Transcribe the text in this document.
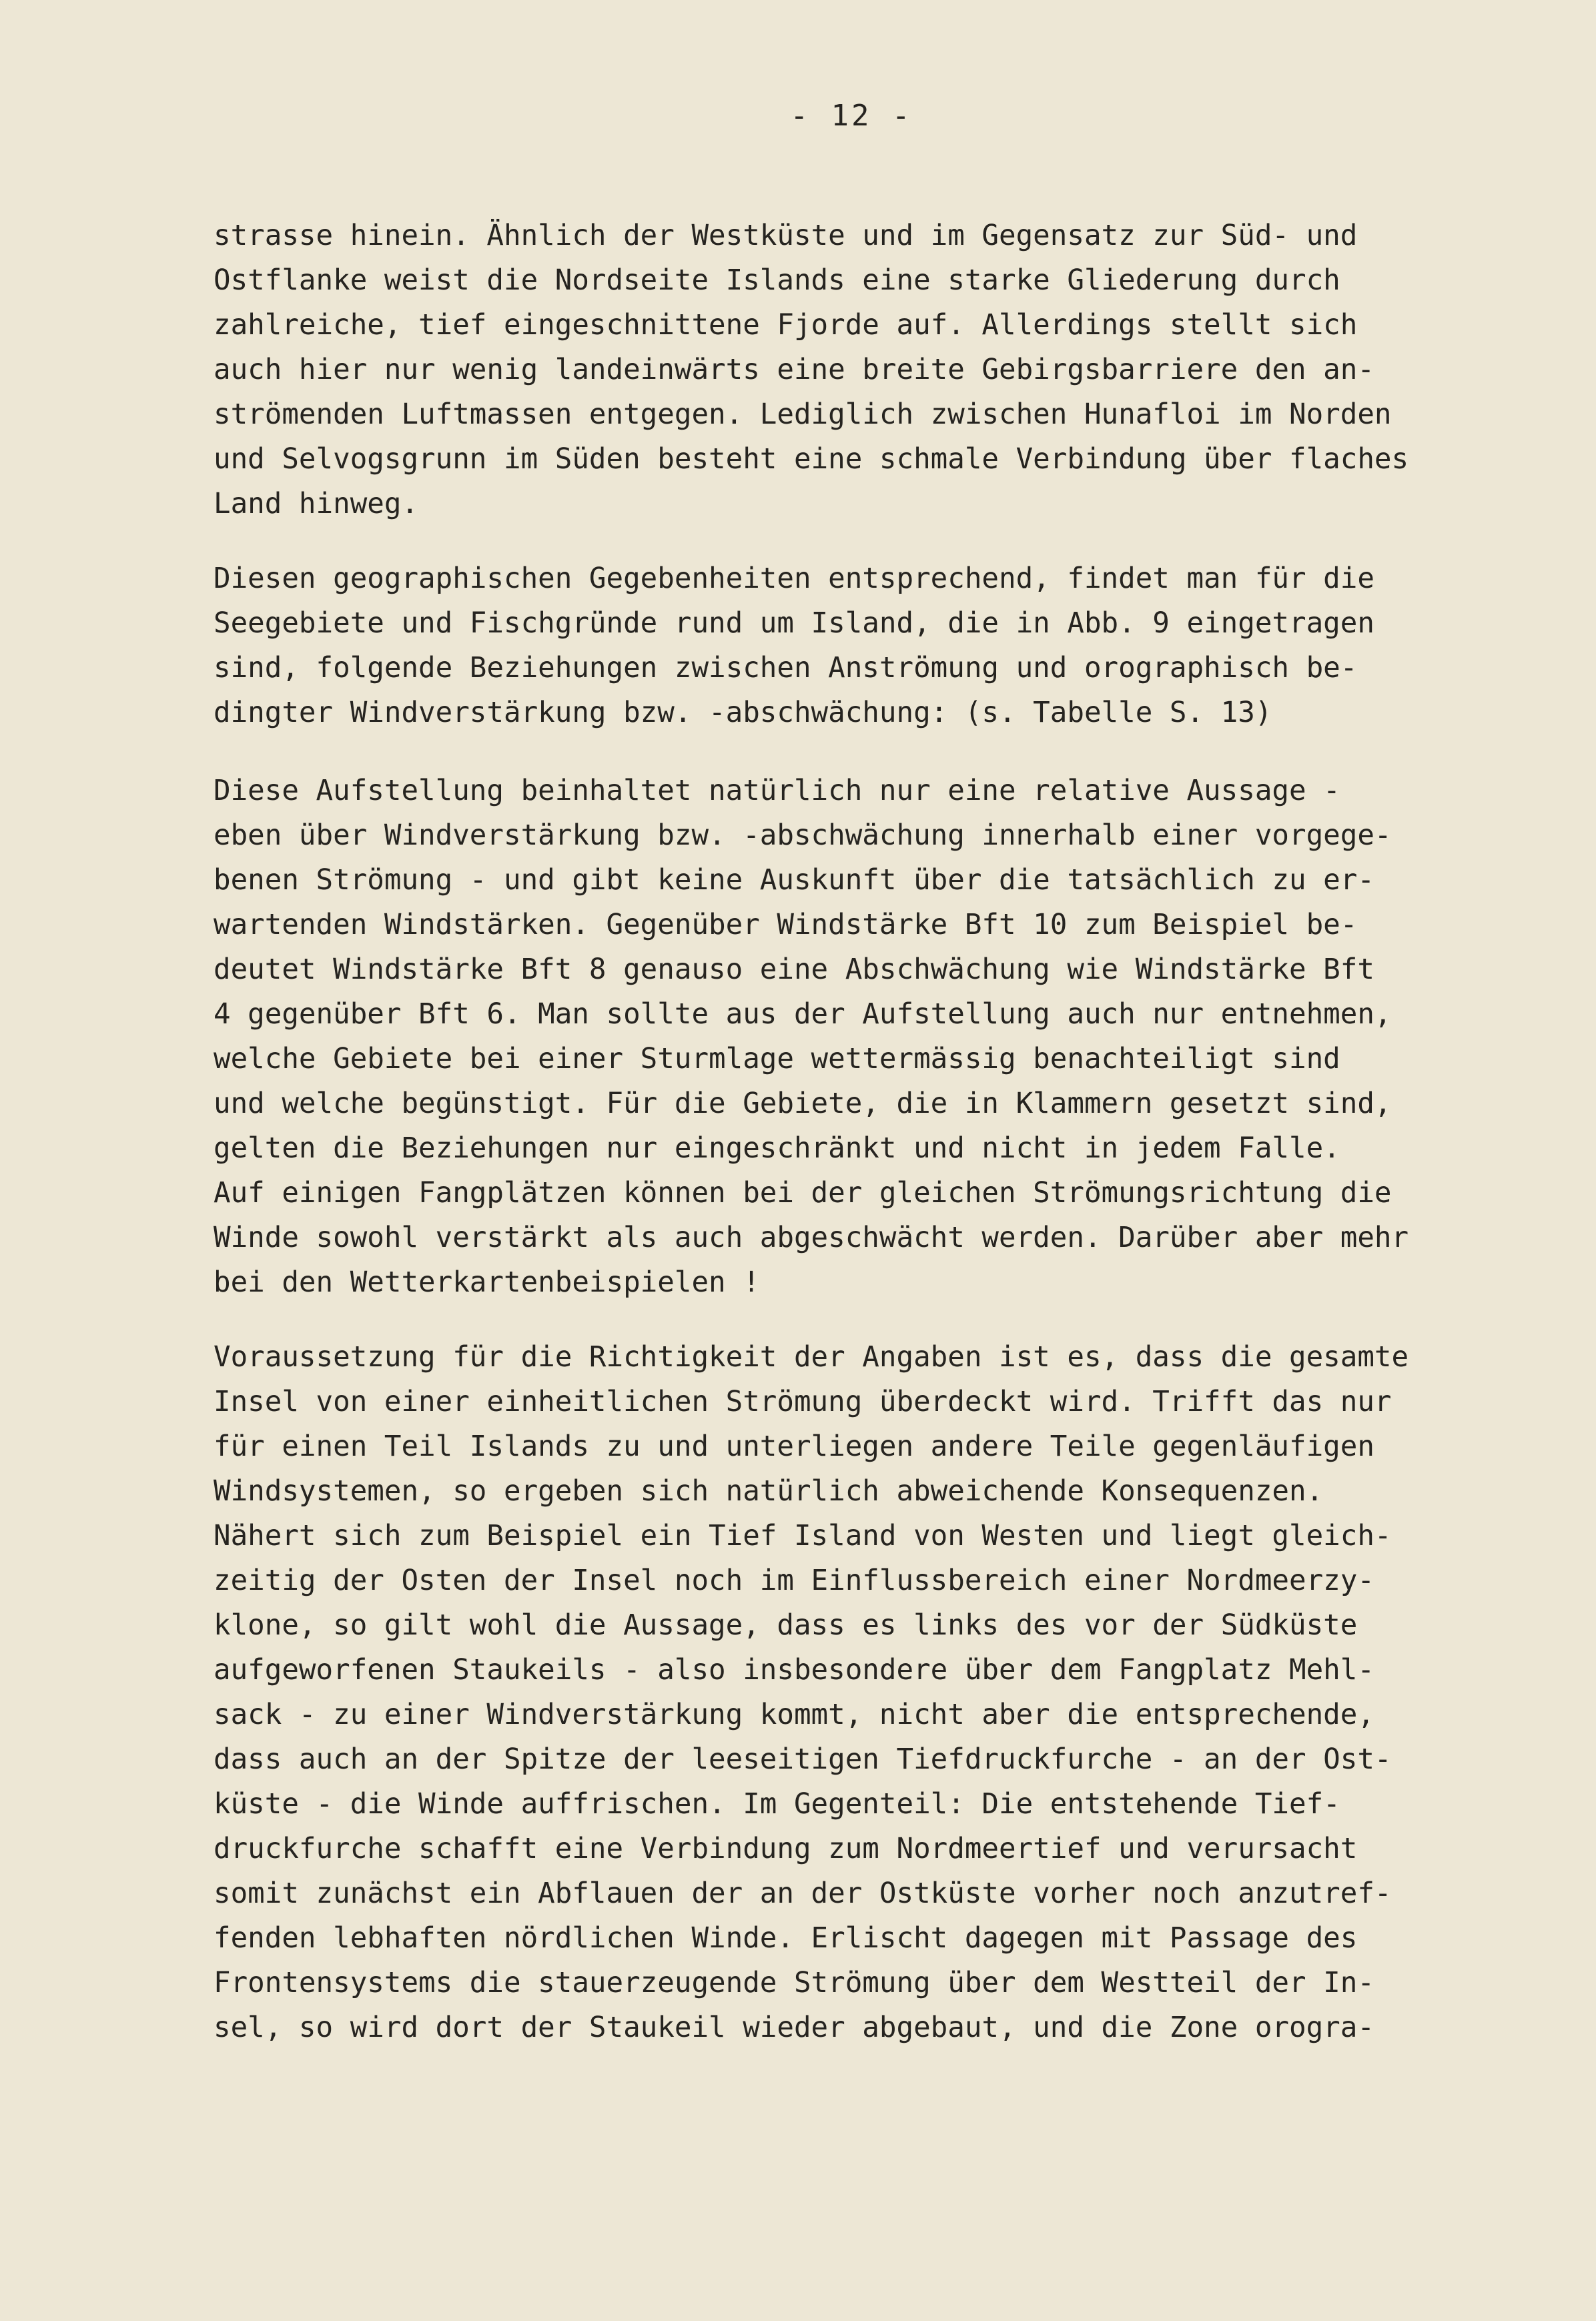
- 12 -
strasse hinein. Ähnlich der Westküste und im Gegensatz zur Süd- und
Ostflanke weist die Nordseite Islands eine starke Gliederung durch
zahlreiche, tief eingeschnittene Fjorde auf. Allerdings stellt sich
auch hier nur wenig landeinwärts eine breite Gebirgsbarriere den an-
strömenden Luftmassen entgegen. Lediglich zwischen Hunafloi im Norden
und Selvogsgrunn im Süden besteht eine schmale Verbindung über flaches
Land hinweg.
Diesen geographischen Gegebenheiten entsprechend, findet man für die
Seegebiete und Fischgründe rund um Island, die in Abb. 9 eingetragen
sind, folgende Beziehungen zwischen Anströmung und orographisch be-
dingter Windverstärkung bzw. -abschwächung: (s. Tabelle S. 13)
Diese Aufstellung beinhaltet natürlich nur eine relative Aussage -
eben über Windverstärkung bzw. -abschwächung innerhalb einer vorgege-
benen Strömung - und gibt keine Auskunft über die tatsächlich zu er-
wartenden Windstärken. Gegenüber Windstärke Bft 10 zum Beispiel be-
deutet Windstärke Bft 8 genauso eine Abschwächung wie Windstärke Bft
4 gegenüber Bft 6. Man sollte aus der Aufstellung auch nur entnehmen,
welche Gebiete bei einer Sturmlage wettermässig benachteiligt sind
und welche begünstigt. Für die Gebiete, die in Klammern gesetzt sind,
gelten die Beziehungen nur eingeschränkt und nicht in jedem Falle.
Auf einigen Fangplätzen können bei der gleichen Strömungsrichtung die
Winde sowohl verstärkt als auch abgeschwächt werden. Darüber aber mehr
bei den Wetterkartenbeispielen !
Voraussetzung für die Richtigkeit der Angaben ist es, dass die gesamte
Insel von einer einheitlichen Strömung überdeckt wird. Trifft das nur
für einen Teil Islands zu und unterliegen andere Teile gegenläufigen
Windsystemen, so ergeben sich natürlich abweichende Konsequenzen.
Nähert sich zum Beispiel ein Tief Island von Westen und liegt gleich-
zeitig der Osten der Insel noch im Einflussbereich einer Nordmeerzy-
klone, so gilt wohl die Aussage, dass es links des vor der Südküste
aufgeworfenen Staukeils - also insbesondere über dem Fangplatz Mehl-
sack - zu einer Windverstärkung kommt, nicht aber die entsprechende,
dass auch an der Spitze der leeseitigen Tiefdruckfurche - an der Ost-
küste - die Winde auffrischen. Im Gegenteil: Die entstehende Tief-
druckfurche schafft eine Verbindung zum Nordmeertief und verursacht
somit zunächst ein Abflauen der an der Ostküste vorher noch anzutref-
fenden lebhaften nördlichen Winde. Erlischt dagegen mit Passage des
Frontensystems die stauerzeugende Strömung über dem Westteil der In-
sel, so wird dort der Staukeil wieder abgebaut, und die Zone orogra-
